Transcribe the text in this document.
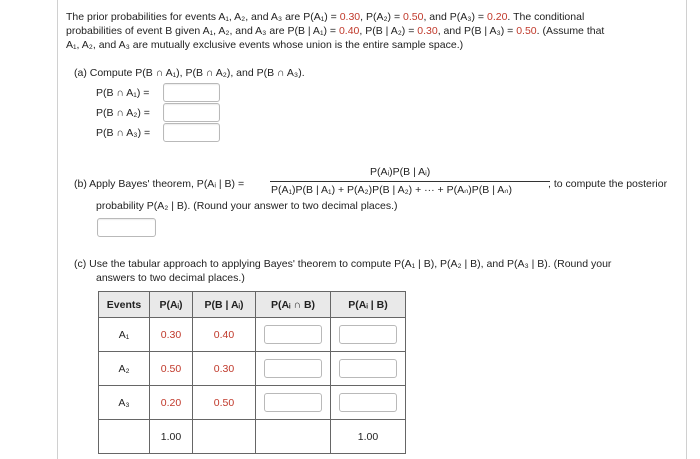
The prior probabilities for events A₁, A₂, and A₃ are P(A₁) = 0.30, P(A₂) = 0.50, and P(A₃) = 0.20. The conditional
probabilities of event B given A₁, A₂, and A₃ are P(B | A₁) = 0.40, P(B | A₂) = 0.30, and P(B | A₃) = 0.50. (Assume that
A₁, A₂, and A₃ are mutually exclusive events whose union is the entire sample space.)
(a) Compute P(B ∩ A₁), P(B ∩ A₂), and P(B ∩ A₃).
P(B ∩ A₁) =
P(B ∩ A₂) =
P(B ∩ A₃) =
(b) Apply Bayes' theorem, P(Aᵢ | B) =
P(Aᵢ)P(B | Aᵢ)
P(A₁)P(B | A₁) + P(A₂)P(B | A₂) + ··· + P(Aₙ)P(B | Aₙ)	, to compute the posterior
probability P(A₂ | B). (Round your answer to two decimal places.)
(c) Use the tabular approach to applying Bayes' theorem to compute P(A₁ | B), P(A₂ | B), and P(A₃ | B). (Round your
answers to two decimal places.)
Events	P(Aᵢ)	P(B | Aᵢ)	P(Aᵢ ∩ B)	P(Aᵢ | B)
A₁	0.30	0.40		
A₂	0.50	0.30		
A₃	0.20	0.50		
	1.00			1.00
